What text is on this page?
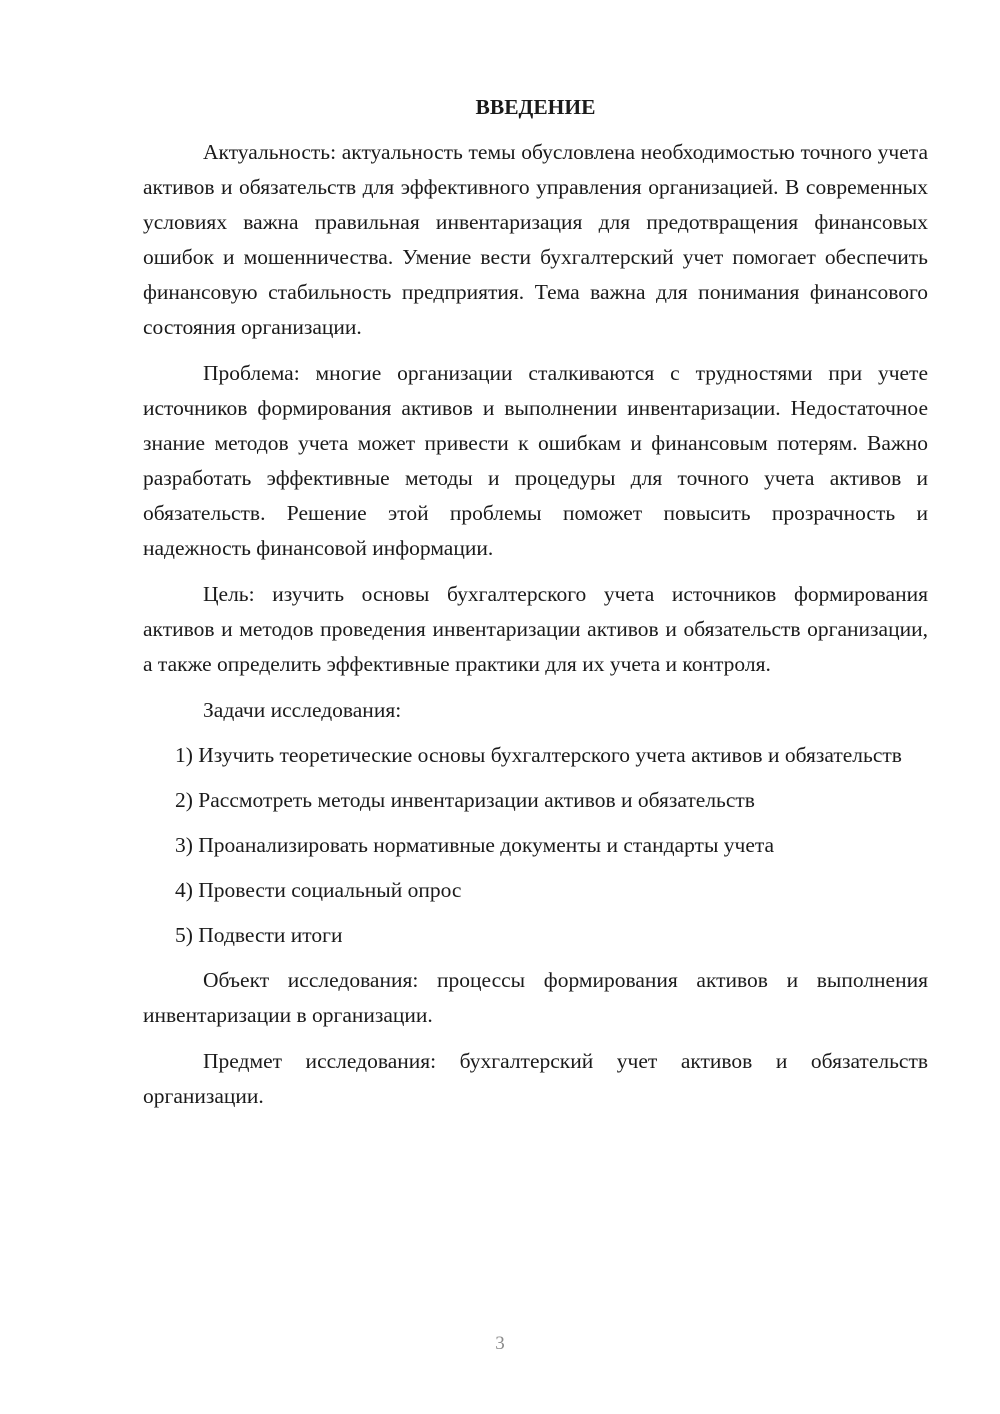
ВВЕДЕНИЕ

Актуальность: актуальность темы обусловлена необходимостью точного учета активов и обязательств для эффективного управления организацией. В современных условиях важна правильная инвентаризация для предотвращения финансовых ошибок и мошенничества. Умение вести бухгалтерский учет помогает обеспечить финансовую стабильность предприятия. Тема важна для понимания финансового состояния организации.

Проблема: многие организации сталкиваются с трудностями при учете источников формирования активов и выполнении инвентаризации. Недостаточное знание методов учета может привести к ошибкам и финансовым потерям. Важно разработать эффективные методы и процедуры для точного учета активов и обязательств. Решение этой проблемы поможет повысить прозрачность и надежность финансовой информации.

Цель: изучить основы бухгалтерского учета источников формирования активов и методов проведения инвентаризации активов и обязательств организации, а также определить эффективные практики для их учета и контроля.

Задачи исследования:

1) Изучить теоретические основы бухгалтерского учета активов и обязательств

2) Рассмотреть методы инвентаризации активов и обязательств

3) Проанализировать нормативные документы и стандарты учета

4) Провести социальный опрос

5) Подвести итоги

Объект исследования: процессы формирования активов и выполнения инвентаризации в организации.

Предмет исследования: бухгалтерский учет активов и обязательств организации.

3
